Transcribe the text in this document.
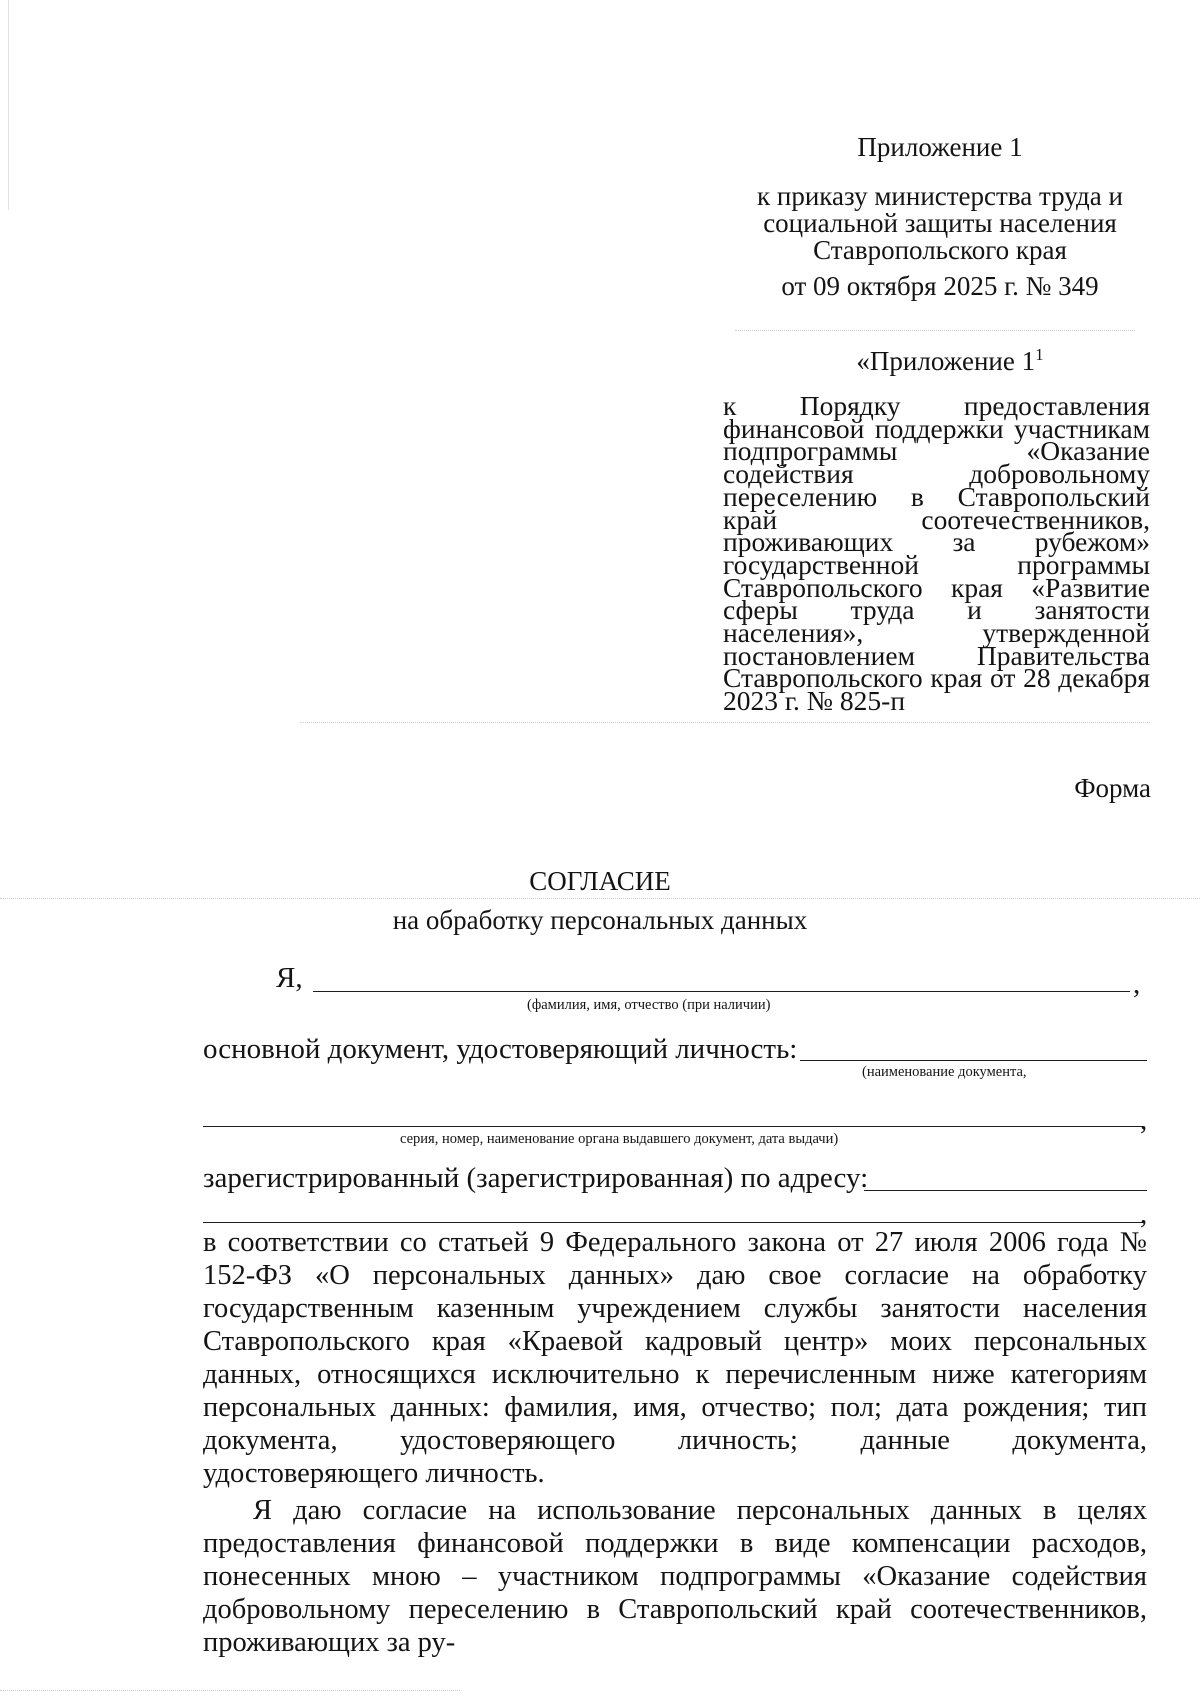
Приложение 1

к приказу министерства труда и
социальной защиты населения
Ставропольского края

от 09 октября 2025 г. № 349

«Приложение $1^1$

к Порядку предоставления финансовой поддержки участникам подпрограммы «Оказание содействия добровольному переселению в Ставропольский край соотечественников, проживающих за рубежом» государственной программы Ставропольского края «Развитие сферы труда и занятости населения», утвержденной постановлением Правительства Ставропольского края от 28 декабря 2023 г. № 825-п

Форма

СОГЛАСИЕ

на обработку персональных данных

Я,	,
(фамилия, имя, отчество (при наличии)
основной документ, удостоверяющий личность:
(наименование документа,
,
серия, номер, наименование органа выдавшего документ, дата выдачи)
зарегистрированный (зарегистрированная) по адресу:
,

в соответствии со статьей 9 Федерального закона от 27 июля 2006 года № 152-ФЗ «О персональных данных» даю свое согласие на обработку государственным казенным учреждением службы занятости населения Ставропольского края «Краевой кадровый центр» моих персональных данных, относящихся исключительно к перечисленным ниже категориям персональных данных: фамилия, имя, отчество; пол; дата рождения; тип документа, удостоверяющего личность; данные документа, удостоверяющего личность.

Я даю согласие на использование персональных данных в целях предоставления финансовой поддержки в виде компенсации расходов, понесенных мною – участником подпрограммы «Оказание содействия добровольному переселению в Ставропольский край соотечественников, проживающих за ру-
